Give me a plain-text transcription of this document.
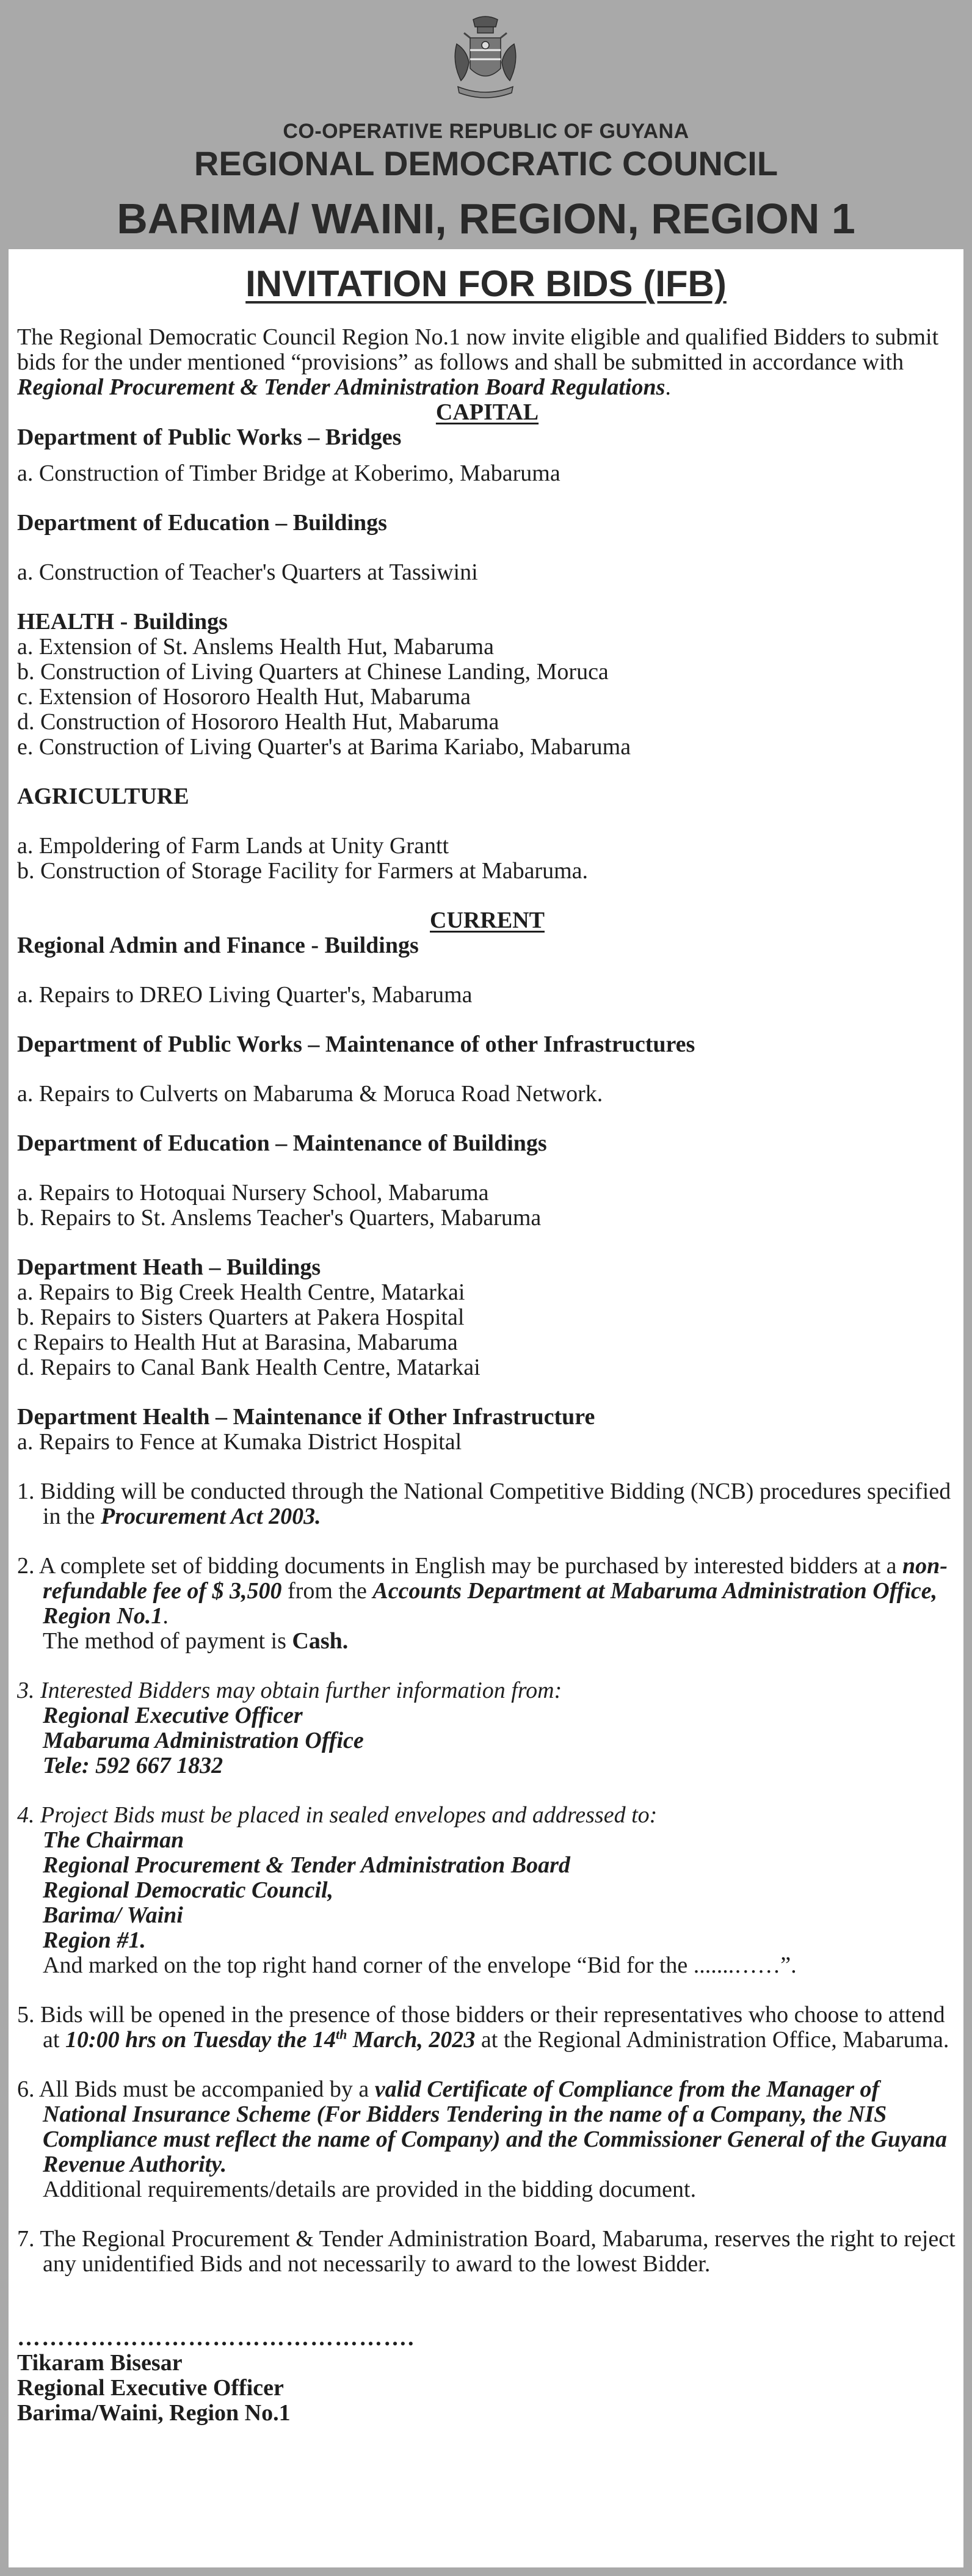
CO-OPERATIVE REPUBLIC OF GUYANA
REGIONAL DEMOCRATIC COUNCIL
BARIMA/ WAINI, REGION, REGION 1
INVITATION FOR BIDS (IFB)
The Regional Democratic Council Region No.1 now invite eligible and qualified Bidders to submit bids for the under mentioned “provisions” as follows and shall be submitted in accordance with Regional Procurement & Tender Administration Board Regulations.
CAPITAL
Department of Public Works – Bridges
a. Construction of Timber Bridge at Koberimo, Mabaruma
Department of Education – Buildings
a. Construction of Teacher's Quarters at Tassiwini
HEALTH - Buildings
a. Extension of St. Anslems Health Hut, Mabaruma
b. Construction of Living Quarters at Chinese Landing, Moruca
c. Extension of Hosororo Health Hut, Mabaruma
d. Construction of Hosororo Health Hut, Mabaruma
e. Construction of Living Quarter's at Barima Kariabo, Mabaruma
AGRICULTURE
a. Empoldering of Farm Lands at Unity Grantt
b. Construction of Storage Facility for Farmers at Mabaruma.
CURRENT
Regional Admin and Finance - Buildings
a. Repairs to DREO Living Quarter's, Mabaruma
Department of Public Works – Maintenance of other Infrastructures
a. Repairs to Culverts on Mabaruma & Moruca Road Network.
Department of Education – Maintenance of Buildings
a. Repairs to Hotoquai Nursery School, Mabaruma
b. Repairs to St. Anslems Teacher's Quarters, Mabaruma
Department Heath – Buildings
a. Repairs to Big Creek Health Centre, Matarkai
b. Repairs to Sisters Quarters at Pakera Hospital
c Repairs to Health Hut at Barasina, Mabaruma
d. Repairs to Canal Bank Health Centre, Matarkai
Department Health – Maintenance if Other Infrastructure
a. Repairs to Fence at Kumaka District Hospital
1. Bidding will be conducted through the National Competitive Bidding (NCB) procedures specified in the Procurement Act 2003.
2. A complete set of bidding documents in English may be purchased by interested bidders at a non-refundable fee of $ 3,500 from the Accounts Department at Mabaruma Administration Office, Region No.1.
The method of payment is Cash.
3. Interested Bidders may obtain further information from:
Regional Executive Officer
Mabaruma Administration Office
Tele: 592 667 1832
4. Project Bids must be placed in sealed envelopes and addressed to:
The Chairman
Regional Procurement & Tender Administration Board
Regional Democratic Council,
Barima/ Waini
Region #1.
And marked on the top right hand corner of the envelope “Bid for the .......……”.
5. Bids will be opened in the presence of those bidders or their representatives who choose to attend at 10:00 hrs on Tuesday the 14th March, 2023 at the Regional Administration Office, Mabaruma.
6. All Bids must be accompanied by a valid Certificate of Compliance from the Manager of National Insurance Scheme (For Bidders Tendering in the name of a Company, the NIS Compliance must reflect the name of Company) and the Commissioner General of the Guyana Revenue Authority.
Additional requirements/details are provided in the bidding document.
7. The Regional Procurement & Tender Administration Board, Mabaruma, reserves the right to reject any unidentified Bids and not necessarily to award to the lowest Bidder.
………………………………………….
Tikaram Bisesar
Regional Executive Officer
Barima/Waini, Region No.1
